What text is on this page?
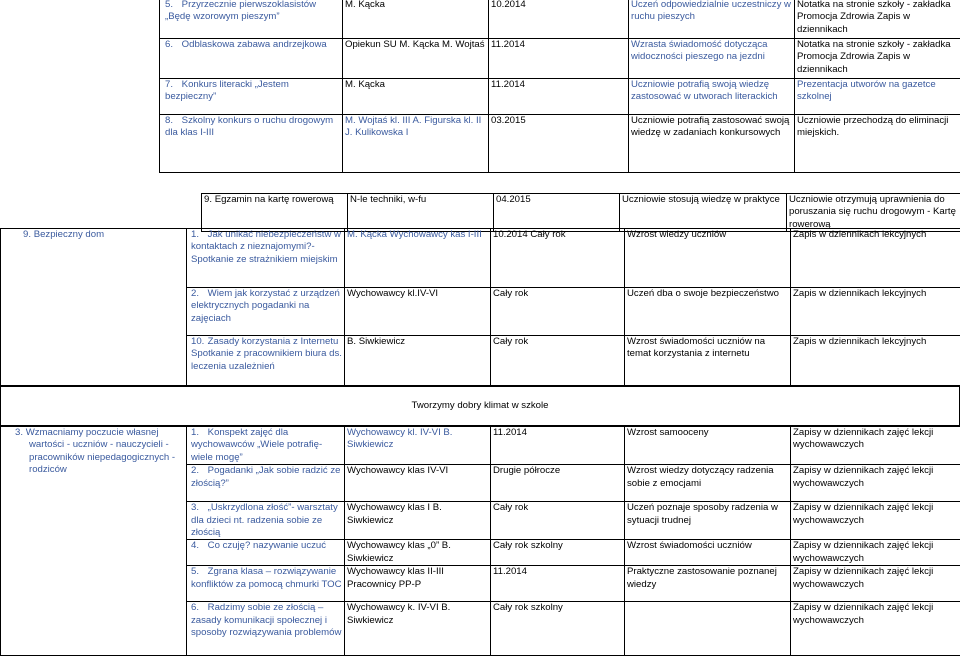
5. Przyrzecznie pierwszoklasistów „Będę wzorowym pieszym”	M. Kącka	10.2014	Uczeń odpowiedzialnie uczestniczy w ruchu pieszych	Notatka na stronie szkoły - zakładka Promocja Zdrowia Zapis w dziennikach
6. Odblaskowa zabawa andrzejkowa	Opiekun SU M. Kącka M. Wojtaś	11.2014	Wzrasta świadomość dotycząca widoczności pieszego na jezdni	Notatka na stronie szkoły - zakładka Promocja Zdrowia Zapis w dziennikach
7. Konkurs literacki „Jestem bezpieczny”	M. Kącka	11.2014	Uczniowie potrafią swoją wiedzę zastosować w utworach literackich	Prezentacja utworów na gazetce szkolnej
8. Szkolny konkurs o ruchu drogowym dla klas I-III	M. Wojtaś kl. III A. Figurska kl. II J. Kulikowska I	03.2015	Uczniowie potrafią zastosować swoją wiedzę w zadaniach konkursowych	Uczniowie przechodzą do eliminacji miejskich.
9. Egzamin na kartę rowerową	N-le techniki, w-fu	04.2015	Uczniowie stosują wiedzę w praktyce	Uczniowie otrzymują uprawnienia do poruszania się ruchu drogowym - Kartę rowerową
9. Bezpieczny dom	1. Jak unikać niebezpieczeństw w kontaktach z nieznajomymi?- Spotkanie ze strażnikiem miejskim	M. Kącka Wychowawcy kas I-III	10.2014 Cały rok	Wzrost wiedzy uczniów	Zapis w dziennikach lekcyjnych
	2. Wiem jak korzystać z urządzeń elektrycznych pogadanki na zajęciach	Wychowawcy kl.IV-VI	Cały rok	Uczeń dba o swoje bezpieczeństwo	Zapis w dziennikach lekcyjnych
	10. Zasady korzystania z Internetu Spotkanie z pracownikiem biura ds. leczenia uzależnień	B. Siwkiewicz	Cały rok	Wzrost świadomości uczniów na temat korzystania z internetu	Zapis w dziennikach lekcyjnych
Tworzymy dobry klimat w szkole
3. Wzmacniamy poczucie własnej wartości - uczniów - nauczycieli - pracowników niepedagogicznych - rodziców	1. Konspekt zajęć dla wychowawców „Wiele potrafię- wiele mogę”	Wychowawcy kl. IV-VI B. Siwkiewicz	11.2014	Wzrost samooceny	Zapisy w dziennikach zajęć lekcji wychowawczych
	2. Pogadanki „Jak sobie radzić ze złością?”	Wychowawcy klas IV-VI	Drugie półrocze	Wzrost wiedzy dotyczący radzenia sobie z emocjami	Zapisy w dziennikach zajęć lekcji wychowawczych
	3. „Uskrzydlona złość”- warsztaty dla dzieci nt. radzenia sobie ze złością	Wychowawcy klas I B. Siwkiewicz	Cały rok	Uczeń poznaje sposoby radzenia w sytuacji trudnej	Zapisy w dziennikach zajęć lekcji wychowawczych
	4. Co czuję? nazywanie uczuć	Wychowawcy klas „0” B. Siwkiewicz	Cały rok szkolny	Wzrost świadomości uczniów	Zapisy w dziennikach zajęć lekcji wychowawczych
	5. Zgrana klasa – rozwiązywanie konfliktów za pomocą chmurki TOC	Wychowawcy klas II-III Pracownicy PP-P	11.2014	Praktyczne zastosowanie poznanej wiedzy	Zapisy w dziennikach zajęć lekcji wychowawczych
	6. Radzimy sobie ze złością – zasady komunikacji społecznej i sposoby rozwiązywania problemów	Wychowawcy k. IV-VI B. Siwkiewicz	Cały rok szkolny		Zapisy w dziennikach zajęć lekcji wychowawczych
